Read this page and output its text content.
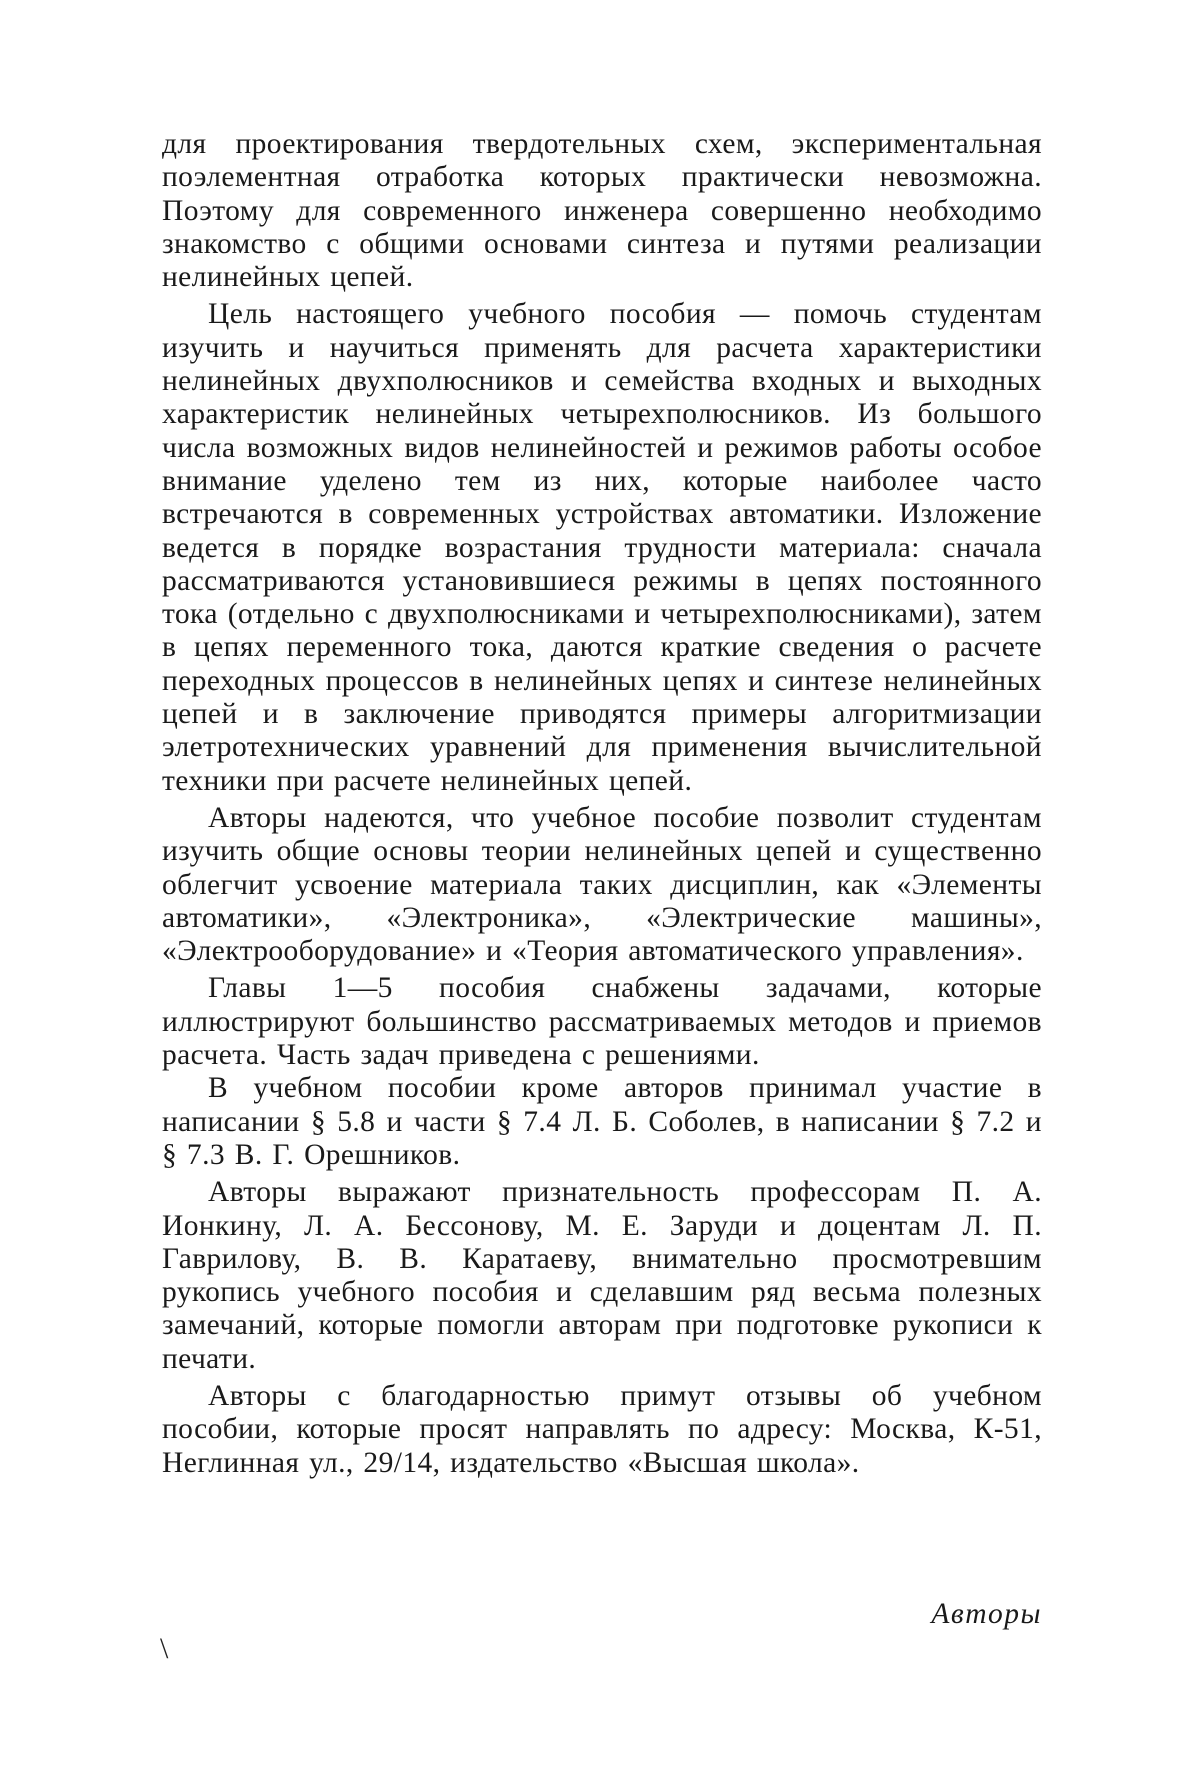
для проектирования твердотельных схем, экспериментальная поэлементная отработка которых практически невозможна. Поэтому для современного инженера совершенно необходимо знакомство с общими основами синтеза и путями реализации нелинейных цепей.

Цель настоящего учебного пособия — помочь студентам изучить и научиться применять для расчета характеристики нелинейных двухполюсников и семейства входных и выходных характеристик нелинейных четырехполюсников. Из большого числа возможных видов нелинейностей и режимов работы особое внимание уделено тем из них, которые наиболее часто встречаются в современных устройствах автоматики. Изложение ведется в порядке возрастания трудности материала: сначала рассматриваются установившиеся режимы в цепях постоянного тока (отдельно с двухполюсниками и четырехполюсниками), затем в цепях переменного тока, даются краткие сведения о расчете переходных процессов в нелинейных цепях и синтезе нелинейных цепей и в заключение приводятся примеры алгоритмизации элетротехнических уравнений для применения вычислительной техники при расчете нелинейных цепей.

Авторы надеются, что учебное пособие позволит студентам изучить общие основы теории нелинейных цепей и существенно облегчит усвоение материала таких дисциплин, как «Элементы автоматики», «Электроника», «Электрические машины», «Электрооборудование» и «Теория автоматического управления».

Главы 1—5 пособия снабжены задачами, которые иллюстрируют большинство рассматриваемых методов и приемов расчета. Часть задач приведена с решениями.

В учебном пособии кроме авторов принимал участие в написании § 5.8 и части § 7.4 Л. Б. Соболев, в написании § 7.2 и § 7.3 В. Г. Орешников.

Авторы выражают признательность профессорам П. А. Ионкину, Л. А. Бессонову, М. Е. Заруди и доцентам Л. П. Гаврилову, В. В. Каратаеву, внимательно просмотревшим рукопись учебного пособия и сделавшим ряд весьма полезных замечаний, которые помогли авторам при подготовке рукописи к печати.

Авторы с благодарностью примут отзывы об учебном пособии, которые просят направлять по адресу: Москва, К-51, Неглинная ул., 29/14, издательство «Высшая школа».

Авторы
\
